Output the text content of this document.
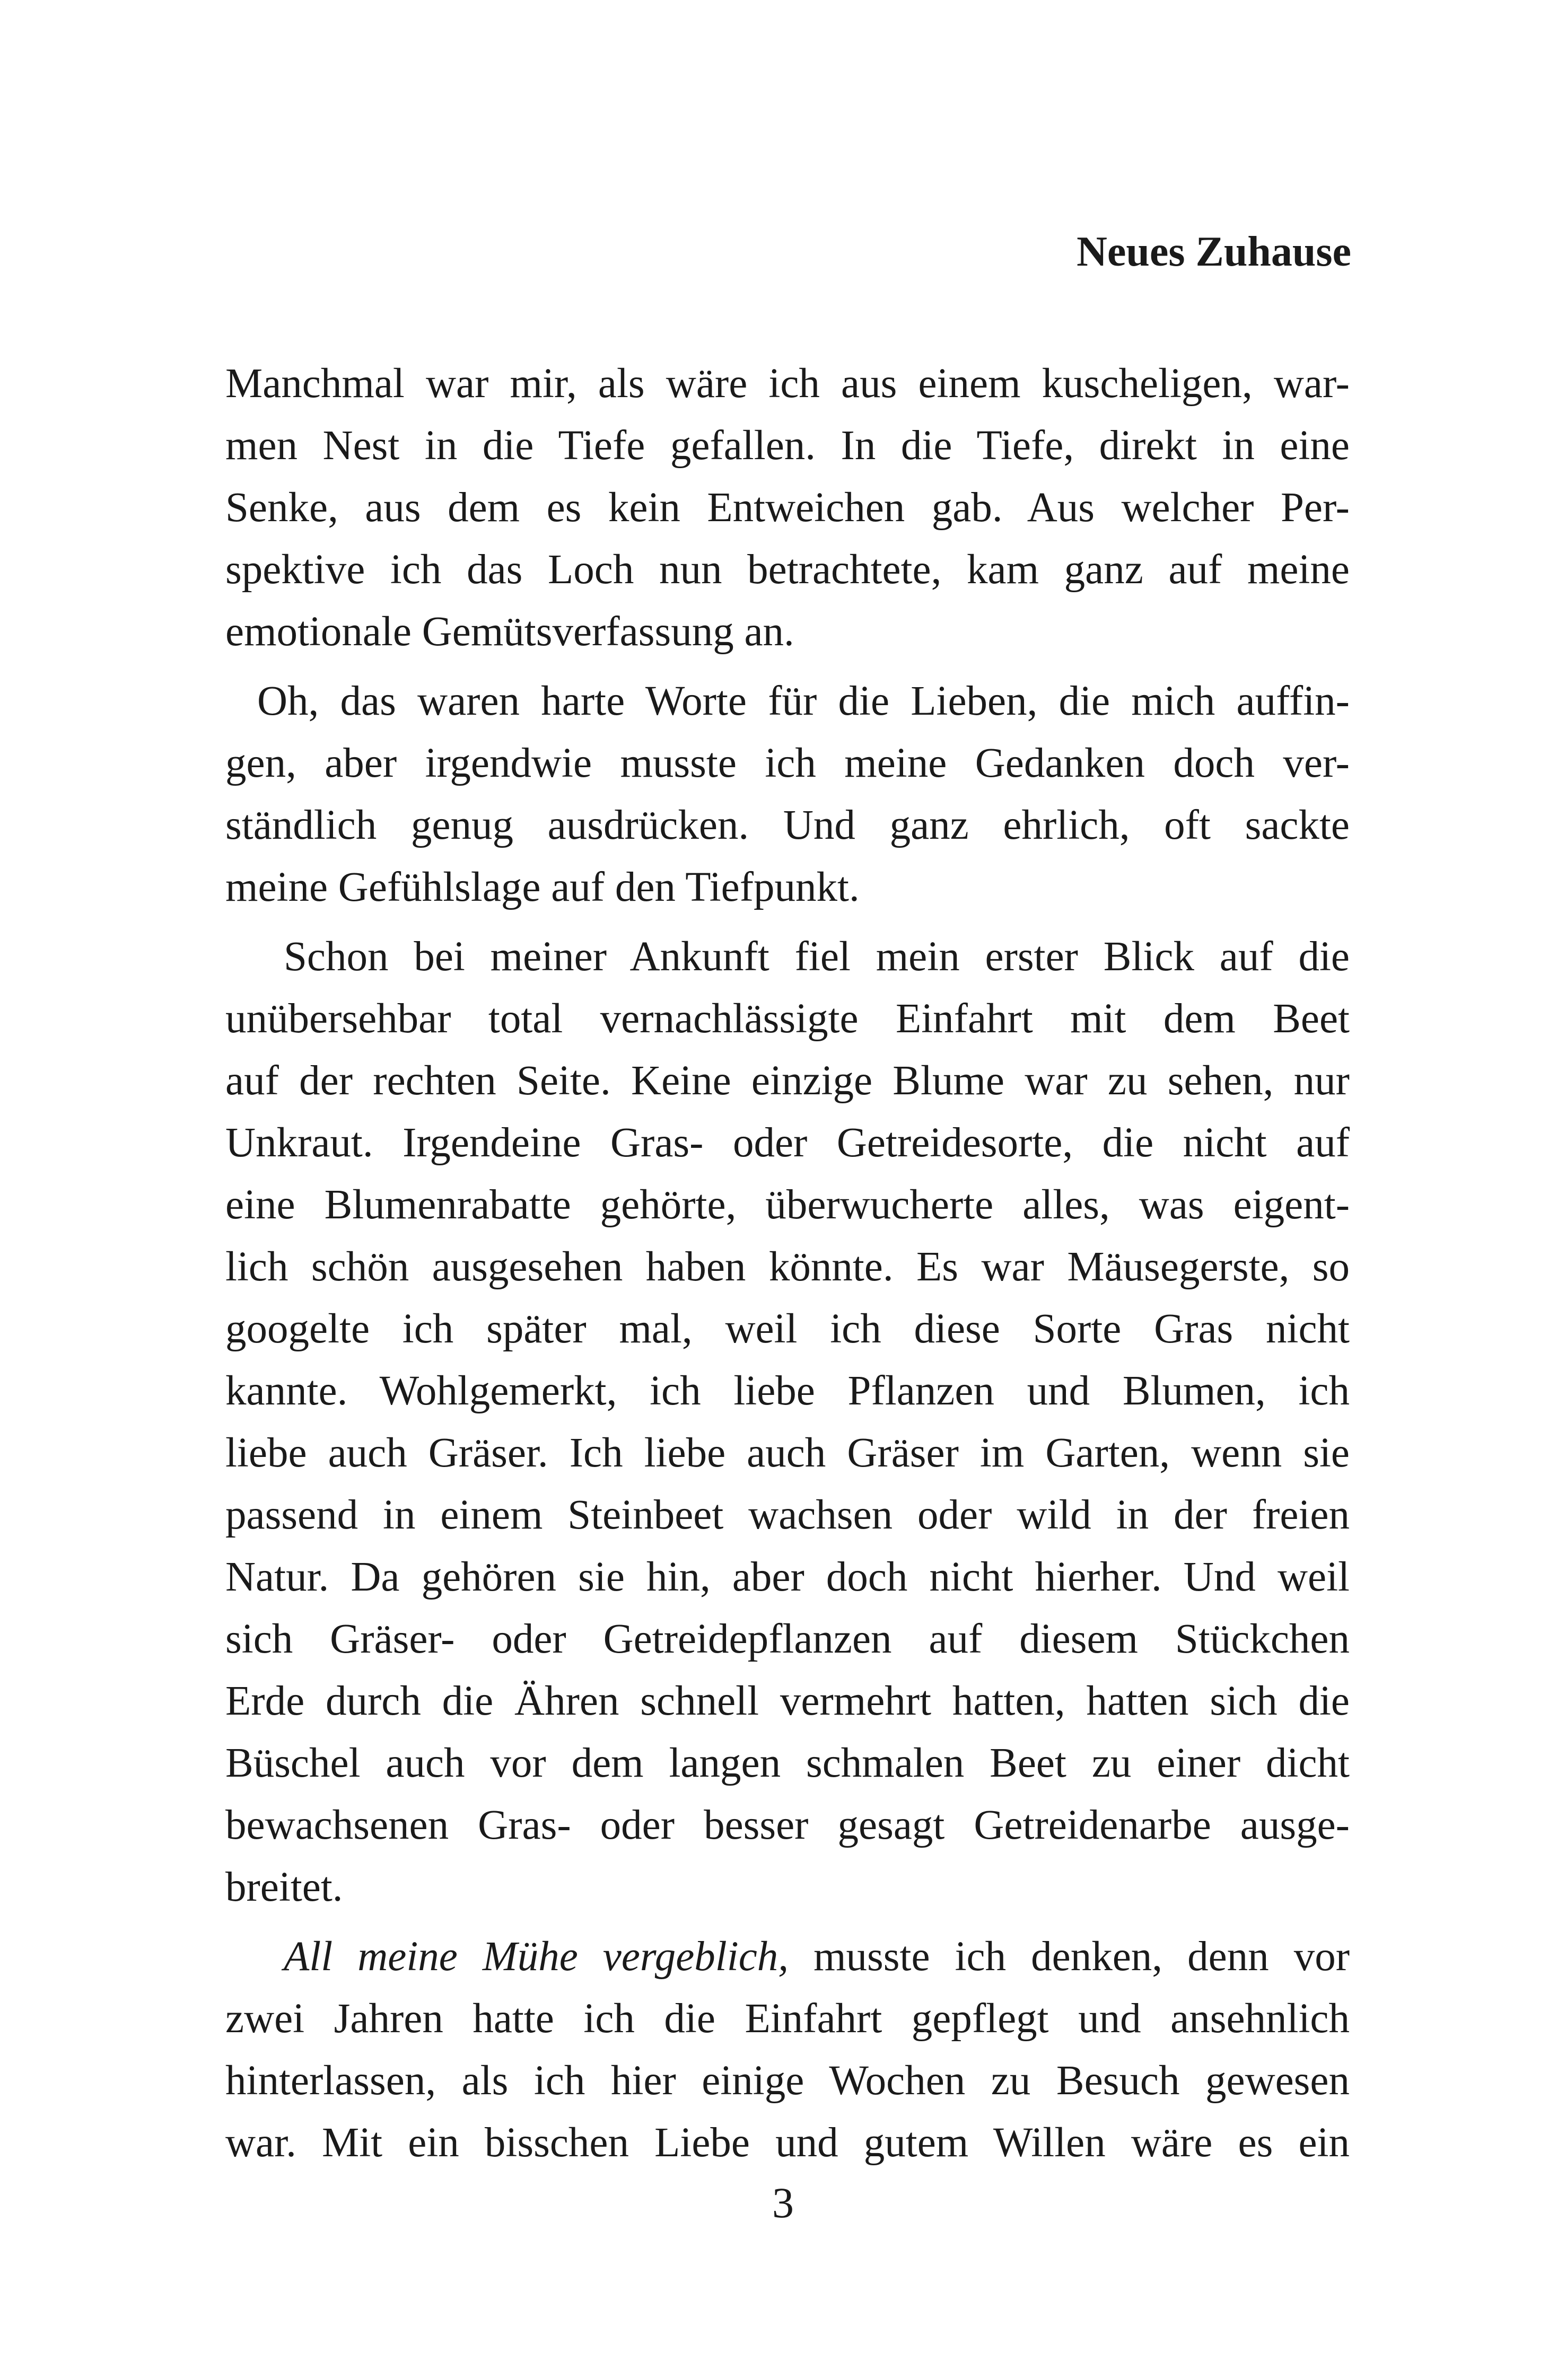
Neues Zuhause
Manchmal war mir, als wäre ich aus einem kuscheligen, war-
men Nest in die Tiefe gefallen. In die Tiefe, direkt in eine
Senke, aus dem es kein Entweichen gab. Aus welcher Per-
spektive ich das Loch nun betrachtete, kam ganz auf meine
emotionale Gemütsverfassung an.
Oh, das waren harte Worte für die Lieben, die mich auffin-
gen, aber irgendwie musste ich meine Gedanken doch ver-
ständlich genug ausdrücken. Und ganz ehrlich, oft sackte
meine Gefühlslage auf den Tiefpunkt.
Schon bei meiner Ankunft fiel mein erster Blick auf die
unübersehbar total vernachlässigte Einfahrt mit dem Beet
auf der rechten Seite. Keine einzige Blume war zu sehen, nur
Unkraut. Irgendeine Gras- oder Getreidesorte, die nicht auf
eine Blumenrabatte gehörte, überwucherte alles, was eigent-
lich schön ausgesehen haben könnte. Es war Mäusegerste, so
googelte ich später mal, weil ich diese Sorte Gras nicht
kannte. Wohlgemerkt, ich liebe Pflanzen und Blumen, ich
liebe auch Gräser. Ich liebe auch Gräser im Garten, wenn sie
passend in einem Steinbeet wachsen oder wild in der freien
Natur. Da gehören sie hin, aber doch nicht hierher. Und weil
sich Gräser- oder Getreidepflanzen auf diesem Stückchen
Erde durch die Ähren schnell vermehrt hatten, hatten sich die
Büschel auch vor dem langen schmalen Beet zu einer dicht
bewachsenen Gras- oder besser gesagt Getreidenarbe ausge-
breitet.
All meine Mühe vergeblich, musste ich denken, denn vor
zwei Jahren hatte ich die Einfahrt gepflegt und ansehnlich
hinterlassen, als ich hier einige Wochen zu Besuch gewesen
war. Mit ein bisschen Liebe und gutem Willen wäre es ein
3
